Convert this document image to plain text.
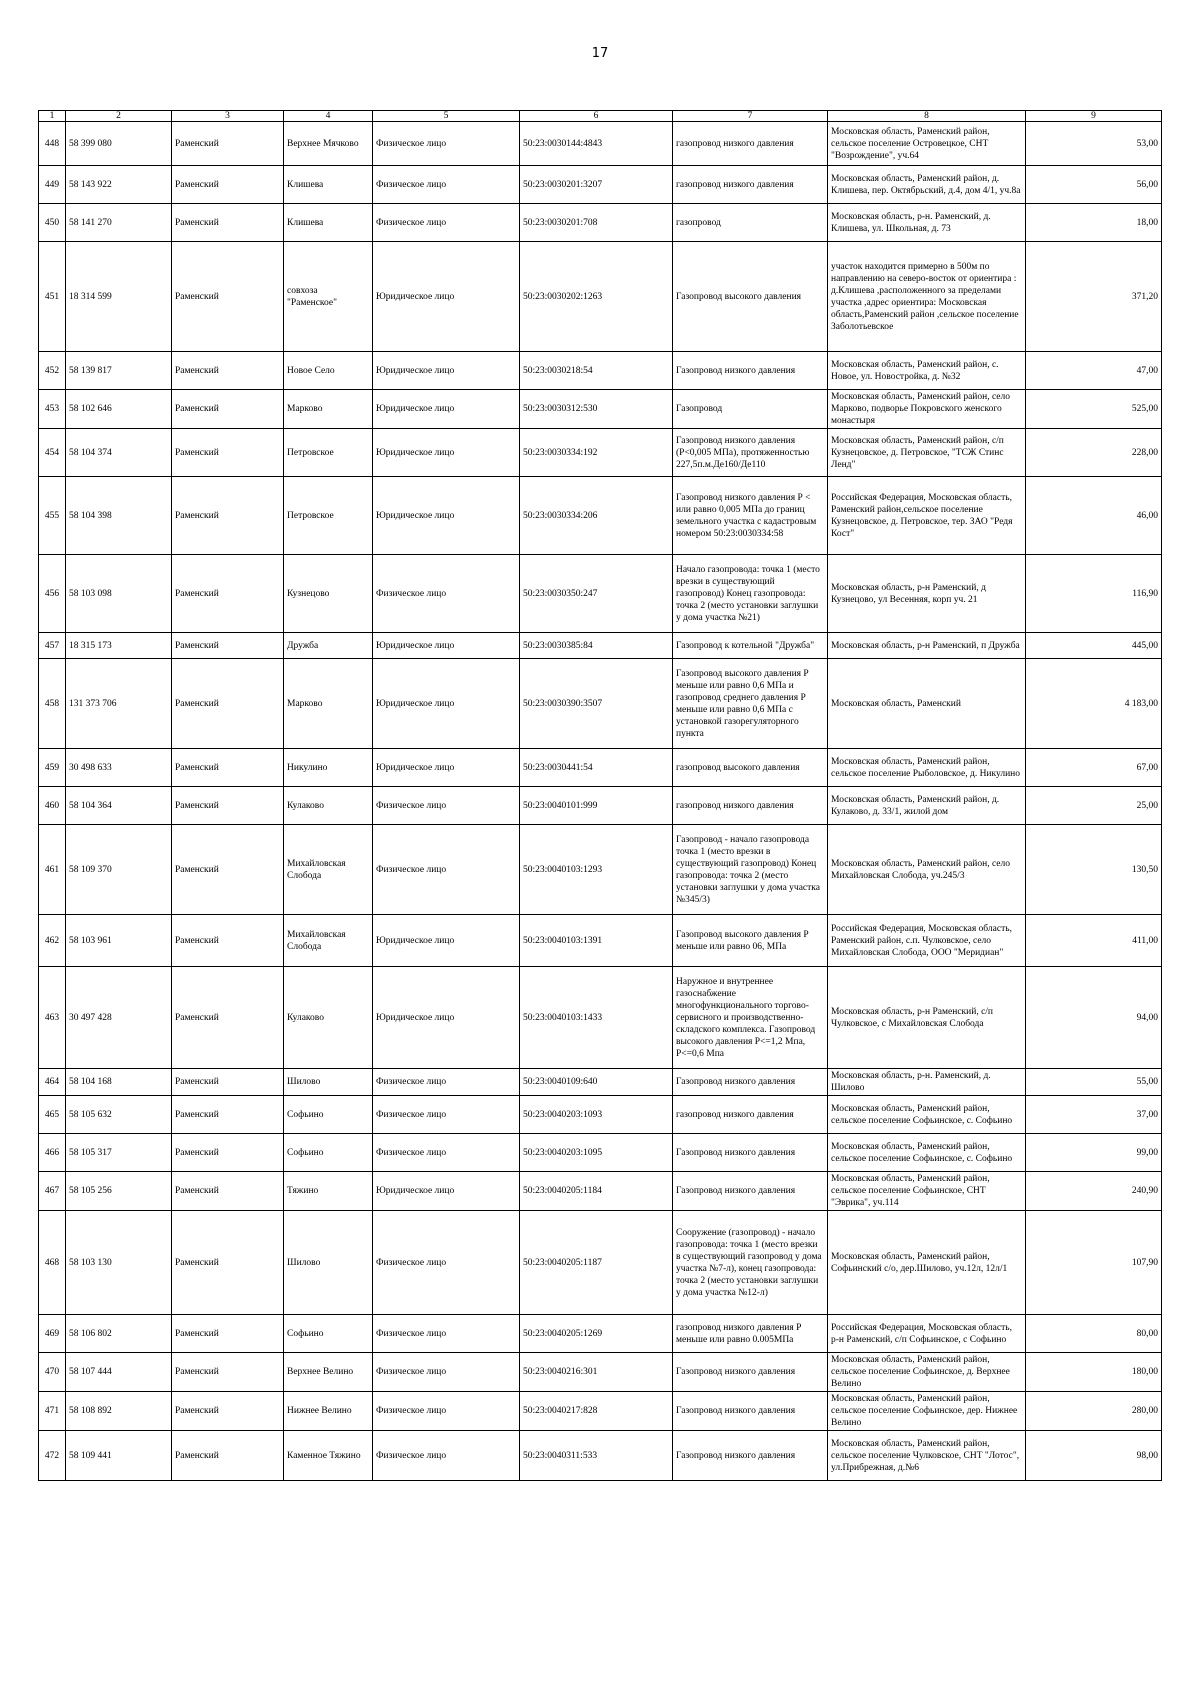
17
1	2	3	4	5	6	7	8	9
448	58 399 080	Раменский	Верхнее Мячково	Физическое лицо	50:23:0030144:4843	газопровод низкого давления	Московская область, Раменский район, сельское поселение Островецкое, СНТ "Возрождение", уч.64	53,00
449	58 143 922	Раменский	Клишева	Физическое лицо	50:23:0030201:3207	газопровод низкого давления	Московская область, Раменский район, д. Клишева, пер. Октябрьский, д.4, дом 4/1, уч.8а	56,00
450	58 141 270	Раменский	Клишева	Физическое лицо	50:23:0030201:708	газопровод	Московская область, р-н. Раменский, д. Клишева, ул. Школьная, д. 73	18,00
451	18 314 599	Раменский	совхоза "Раменское"	Юридическое лицо	50:23:0030202:1263	Газопровод высокого давления	участок находится примерно в 500м по направлению на северо-восток от ориентира : д.Клишева ,расположенного за пределами участка ,адрес ориентира: Московская область,Раменский район ,сельское поселение Заболотьевское	371,20
452	58 139 817	Раменский	Новое Село	Юридическое лицо	50:23:0030218:54	Газопровод низкого давления	Московская область, Раменский район, с. Новое, ул. Новостройка, д. №32	47,00
453	58 102 646	Раменский	Марково	Юридическое лицо	50:23:0030312:530	Газопровод	Московская область, Раменский район, село Марково, подворье Покровского женского монастыря	525,00
454	58 104 374	Раменский	Петровское	Юридическое лицо	50:23:0030334:192	Газопровод низкого давления (Р<0,005 МПа), протяженностью 227,5п.м.Дe160/Дe110	Московская область, Раменский район, с/п Кузнецовское, д. Петровское, "ТСЖ Стинс Ленд"	228,00
455	58 104 398	Раменский	Петровское	Юридическое лицо	50:23:0030334:206	Газопровод низкого давления Р < или равно 0,005 МПа до границ земельного участка с кадастровым номером 50:23:0030334:58	Российская Федерация, Московская область, Раменский район,сельское поселение Кузнецовское, д. Петровское, тер. ЗАО "Редя Кост"	46,00
456	58 103 098	Раменский	Кузнецово	Физическое лицо	50:23:0030350:247	Начало газопровода: точка 1 (место врезки в существующий газопровод) Конец газопровода: точка 2 (место установки заглушки у дома участка №21)	Московская область, р-н Раменский, д Кузнецово, ул Весенняя, корп уч. 21	116,90
457	18 315 173	Раменский	Дружба	Юридическое лицо	50:23:0030385:84	Газопровод к котельной "Дружба"	Московская область, р-н Раменский, п Дружба	445,00
458	131 373 706	Раменский	Марково	Юридическое лицо	50:23:0030390:3507	Газопровод высокого давления Р меньше или равно 0,6 МПа и газопровод среднего давления Р меньше или равно 0,6 МПа с установкой газорегуляторного пункта	Московская область, Раменский	4 183,00
459	30 498 633	Раменский	Никулино	Юридическое лицо	50:23:0030441:54	газопровод высокого давления	Московская область, Раменский район, сельское поселение Рыболовское, д. Никулино	67,00
460	58 104 364	Раменский	Кулаково	Физическое лицо	50:23:0040101:999	газопровод низкого давления	Московская область, Раменский район, д. Кулаково, д. 33/1, жилой дом	25,00
461	58 109 370	Раменский	Михайловская Слобода	Физическое лицо	50:23:0040103:1293	Газопровод - начало газопровода точка 1 (место врезки в существующий газопровод) Конец газопровода: точка 2 (место установки заглушки у дома участка №345/3)	Московская область, Раменский район, село Михайловская Слобода, уч.245/3	130,50
462	58 103 961	Раменский	Михайловская Слобода	Юридическое лицо	50:23:0040103:1391	Газопровод высокого давления Р меньше или равно 06, МПа	Российская Федерация, Московская область, Раменский район, с.п. Чулковское, село Михайловская Слобода, ООО "Меридиан"	411,00
463	30 497 428	Раменский	Кулаково	Юридическое лицо	50:23:0040103:1433	Наружное и внутреннее газоснабжение многофункционального торгово-сервисного и производственно-складского комплекса. Газопровод высокого давления Р<=1,2 Мпа, Р<=0,6 Мпа	Московская область, р-н Раменский, с/п Чулковское, с Михайловская Слобода	94,00
464	58 104 168	Раменский	Шилово	Физическое лицо	50:23:0040109:640	Газопровод низкого давления	Московская область, р-н. Раменский, д. Шилово	55,00
465	58 105 632	Раменский	Софьино	Физическое лицо	50:23:0040203:1093	газопровод низкого давления	Московская область, Раменский район, сельское поселение Софьинское, с. Софьино	37,00
466	58 105 317	Раменский	Софьино	Физическое лицо	50:23:0040203:1095	Газопровод низкого давления	Московская область, Раменский район, сельское поселение Софьинское, с. Софьино	99,00
467	58 105 256	Раменский	Тяжино	Юридическое лицо	50:23:0040205:1184	Газопровод низкого давления	Московская область, Раменский район, сельское поселение Софьинское, СНТ "Эврика", уч.114	240,90
468	58 103 130	Раменский	Шилово	Физическое лицо	50:23:0040205:1187	Сооружение (газопровод) - начало газопровода: точка 1 (место врезки в существующий газопровод у дома участка №7-л), конец газопровода: точка 2 (место установки заглушки у дома участка №12-л)	Московская область, Раменский район, Софьинский с/о, дер.Шилово, уч.12л, 12л/1	107,90
469	58 106 802	Раменский	Софьино	Физическое лицо	50:23:0040205:1269	газопровод низкого давления Р меньше или равно 0.005МПа	Российская Федерация, Московская область, р-н Раменский, с/п Софьинское, с Софьино	80,00
470	58 107 444	Раменский	Верхнее Велино	Физическое лицо	50:23:0040216:301	Газопровод низкого давления	Московская область, Раменский район, сельское поселение Софьинское, д. Верхнее Велино	180,00
471	58 108 892	Раменский	Нижнее Велино	Физическое лицо	50:23:0040217:828	Газопровод низкого давления	Московская область, Раменский район, сельское поселение Софьинское, дер. Нижнее Велино	280,00
472	58 109 441	Раменский	Каменное Тяжино	Физическое лицо	50:23:0040311:533	Газопровод низкого давления	Московская область, Раменский район, сельское поселение Чулковское, СНТ "Лотос", ул.Прибрежная, д.№6	98,00
